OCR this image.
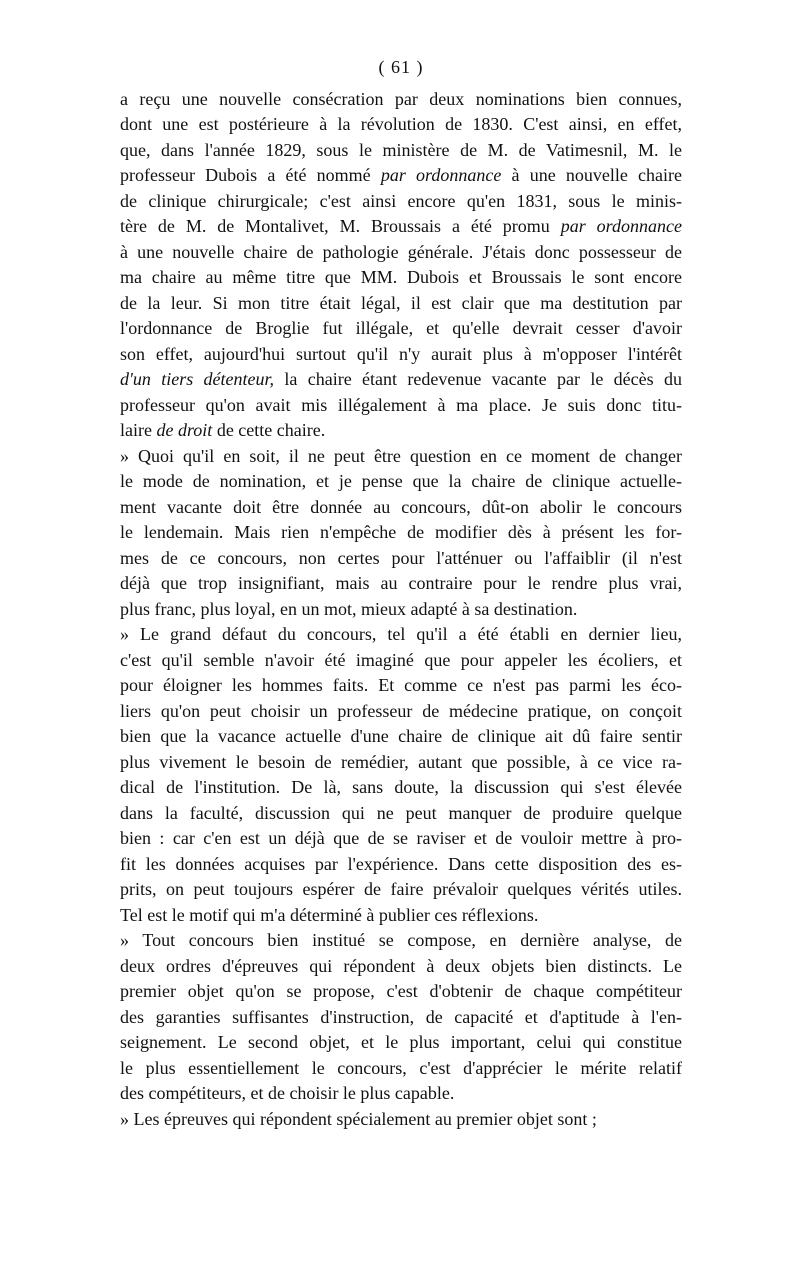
( 61 )
a reçu une nouvelle consécration par deux nominations bien connues,
dont une est postérieure à la révolution de 1830. C'est ainsi, en effet,
que, dans l'année 1829, sous le ministère de M. de Vatimesnil, M. le
professeur Dubois a été nommé par ordonnance à une nouvelle chaire
de clinique chirurgicale; c'est ainsi encore qu'en 1831, sous le minis-
tère de M. de Montalivet, M. Broussais a été promu par ordonnance
à une nouvelle chaire de pathologie générale. J'étais donc possesseur de
ma chaire au même titre que MM. Dubois et Broussais le sont encore
de la leur. Si mon titre était légal, il est clair que ma destitution par
l'ordonnance de Broglie fut illégale, et qu'elle devrait cesser d'avoir
son effet, aujourd'hui surtout qu'il n'y aurait plus à m'opposer l'intérêt
d'un tiers détenteur, la chaire étant redevenue vacante par le décès du
professeur qu'on avait mis illégalement à ma place. Je suis donc titu-
laire de droit de cette chaire.
» Quoi qu'il en soit, il ne peut être question en ce moment de changer
le mode de nomination, et je pense que la chaire de clinique actuelle-
ment vacante doit être donnée au concours, dût-on abolir le concours
le lendemain. Mais rien n'empêche de modifier dès à présent les for-
mes de ce concours, non certes pour l'atténuer ou l'affaiblir (il n'est
déjà que trop insignifiant, mais au contraire pour le rendre plus vrai,
plus franc, plus loyal, en un mot, mieux adapté à sa destination.
» Le grand défaut du concours, tel qu'il a été établi en dernier lieu,
c'est qu'il semble n'avoir été imaginé que pour appeler les écoliers, et
pour éloigner les hommes faits. Et comme ce n'est pas parmi les éco-
liers qu'on peut choisir un professeur de médecine pratique, on conçoit
bien que la vacance actuelle d'une chaire de clinique ait dû faire sentir
plus vivement le besoin de remédier, autant que possible, à ce vice ra-
dical de l'institution. De là, sans doute, la discussion qui s'est élevée
dans la faculté, discussion qui ne peut manquer de produire quelque
bien : car c'en est un déjà que de se raviser et de vouloir mettre à pro-
fit les données acquises par l'expérience. Dans cette disposition des es-
prits, on peut toujours espérer de faire prévaloir quelques vérités utiles.
Tel est le motif qui m'a déterminé à publier ces réflexions.
» Tout concours bien institué se compose, en dernière analyse, de
deux ordres d'épreuves qui répondent à deux objets bien distincts. Le
premier objet qu'on se propose, c'est d'obtenir de chaque compétiteur
des garanties suffisantes d'instruction, de capacité et d'aptitude à l'en-
seignement. Le second objet, et le plus important, celui qui constitue
le plus essentiellement le concours, c'est d'apprécier le mérite relatif
des compétiteurs, et de choisir le plus capable.
» Les épreuves qui répondent spécialement au premier objet sont ;
